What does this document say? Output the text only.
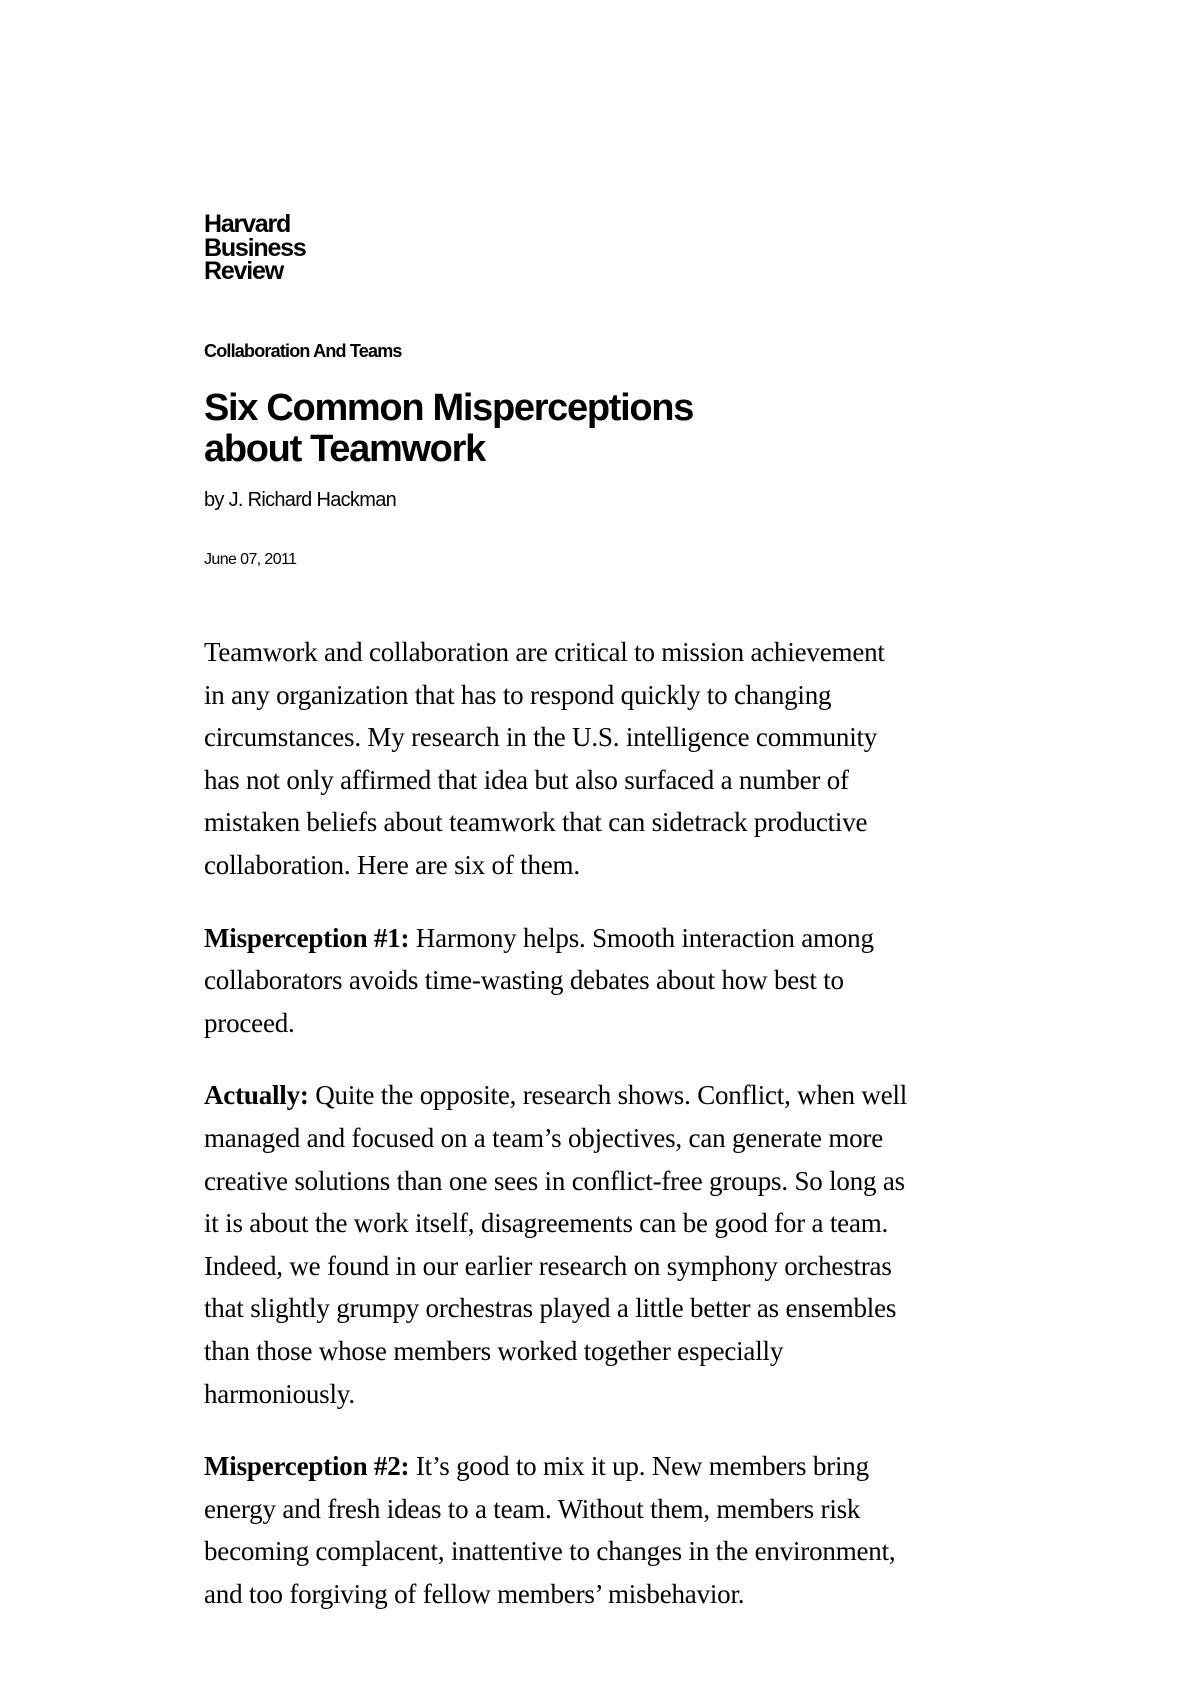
Harvard
Business
Review
Collaboration And Teams
Six Common Misperceptions
about Teamwork
by J. Richard Hackman
June 07, 2011

Teamwork and collaboration are critical to mission achievement
in any organization that has to respond quickly to changing
circumstances. My research in the U.S. intelligence community
has not only affirmed that idea but also surfaced a number of
mistaken beliefs about teamwork that can sidetrack productive
collaboration. Here are six of them.

Misperception #1: Harmony helps. Smooth interaction among
collaborators avoids time-wasting debates about how best to
proceed.

Actually: Quite the opposite, research shows. Conflict, when well
managed and focused on a team’s objectives, can generate more
creative solutions than one sees in conflict-free groups. So long as
it is about the work itself, disagreements can be good for a team.
Indeed, we found in our earlier research on symphony orchestras
that slightly grumpy orchestras played a little better as ensembles
than those whose members worked together especially
harmoniously.

Misperception #2: It’s good to mix it up. New members bring
energy and fresh ideas to a team. Without them, members risk
becoming complacent, inattentive to changes in the environment,
and too forgiving of fellow members’ misbehavior.
